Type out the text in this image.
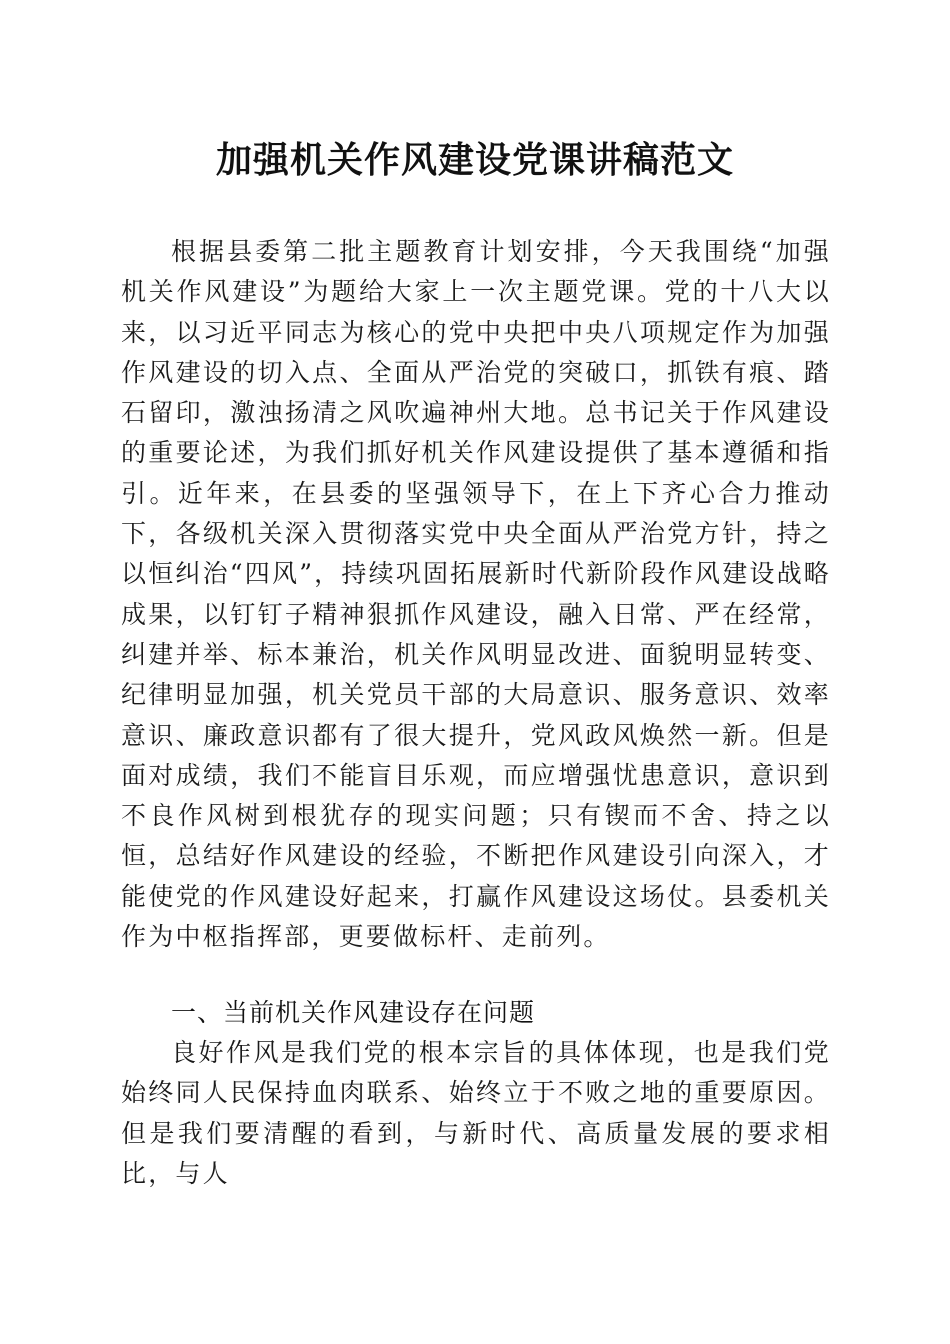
加强机关作风建设党课讲稿范文

根据县委第二批主题教育计划安排，今天我围绕“加强机关作风建设”为题给大家上一次主题党课。党的十八大以来，以习近平同志为核心的党中央把中央八项规定作为加强作风建设的切入点、全面从严治党的突破口，抓铁有痕、踏石留印，激浊扬清之风吹遍神州大地。总书记关于作风建设的重要论述，为我们抓好机关作风建设提供了基本遵循和指引。近年来，在县委的坚强领导下，在上下齐心合力推动下，各级机关深入贯彻落实党中央全面从严治党方针，持之以恒纠治“四风”，持续巩固拓展新时代新阶段作风建设战略成果，以钉钉子精神狠抓作风建设，融入日常、严在经常，纠建并举、标本兼治，机关作风明显改进、面貌明显转变、纪律明显加强，机关党员干部的大局意识、服务意识、效率意识、廉政意识都有了很大提升，党风政风焕然一新。但是面对成绩，我们不能盲目乐观，而应增强忧患意识，意识到不良作风树到根犹存的现实问题；只有锲而不舍、持之以恒，总结好作风建设的经验，不断把作风建设引向深入，才能使党的作风建设好起来，打赢作风建设这场仗。县委机关作为中枢指挥部，更要做标杆、走前列。

一、当前机关作风建设存在问题

良好作风是我们党的根本宗旨的具体体现，也是我们党始终同人民保持血肉联系、始终立于不败之地的重要原因。但是我们要清醒的看到，与新时代、高质量发展的要求相比，与人
